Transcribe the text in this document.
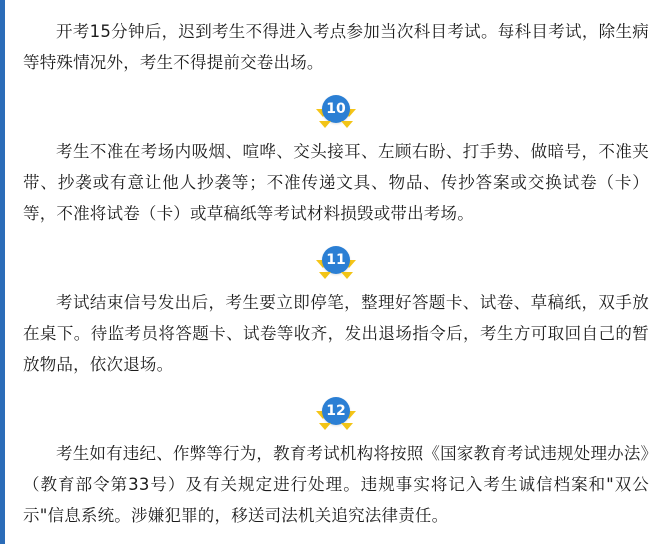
开考15分钟后，迟到考生不得进入考点参加当次科目考试。每科目考试，除生病等特殊情况外，考生不得提前交卷出场。

10

考生不准在考场内吸烟、喧哗、交头接耳、左顾右盼、打手势、做暗号，不准夹带、抄袭或有意让他人抄袭等；不准传递文具、物品、传抄答案或交换试卷（卡）等，不准将试卷（卡）或草稿纸等考试材料损毁或带出考场。

11

考试结束信号发出后，考生要立即停笔，整理好答题卡、试卷、草稿纸，双手放在桌下。待监考员将答题卡、试卷等收齐，发出退场指令后，考生方可取回自己的暂放物品，依次退场。

12

考生如有违纪、作弊等行为，教育考试机构将按照《国家教育考试违规处理办法》（教育部令第33号）及有关规定进行处理。违规事实将记入考生诚信档案和"双公示"信息系统。涉嫌犯罪的，移送司法机关追究法律责任。
